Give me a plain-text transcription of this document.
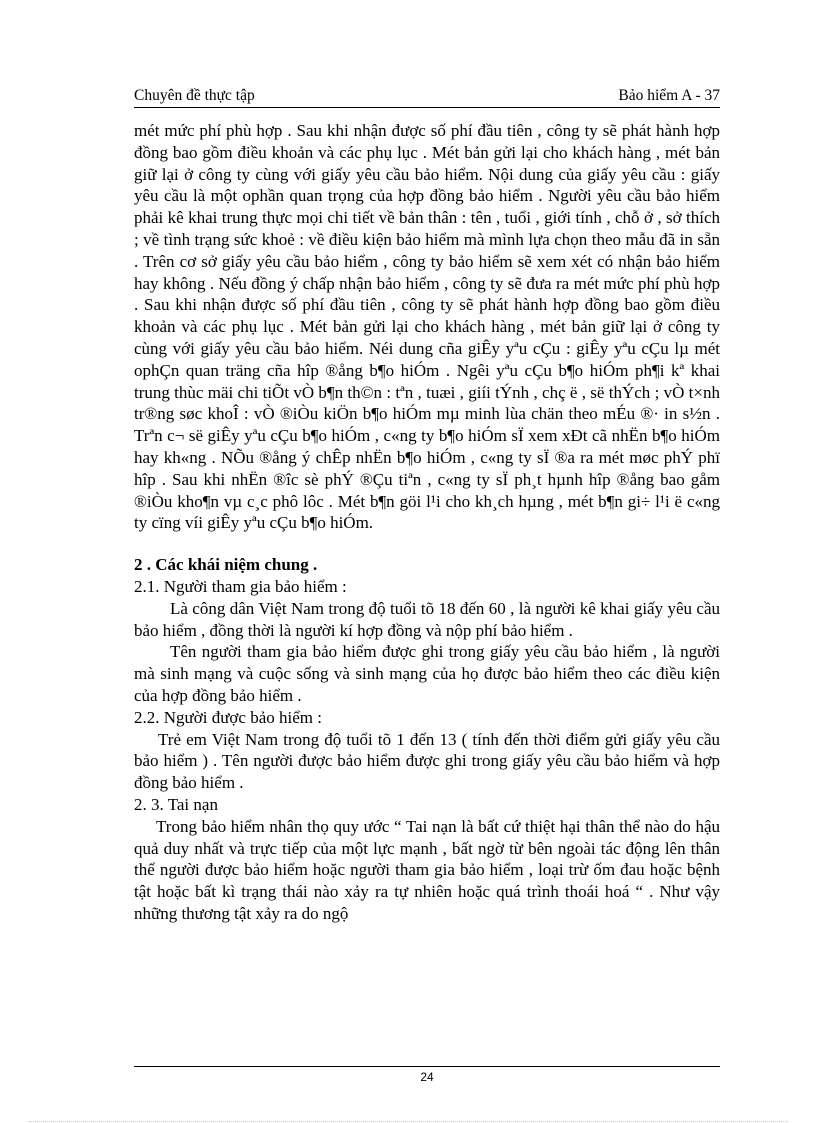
Chuyên đề thực tập	Bảo hiểm A - 37

mét mức phí phù hợp . Sau khi nhận được số phí đầu tiên , công ty sẽ phát hành hợp đồng bao gồm điều khoản và các phụ lục . Mét bản gửi lại cho khách hàng , mét bản giữ lại ở công ty cùng với giấy yêu cầu bảo hiểm. Nội dung của giấy yêu cầu : giấy yêu cầu là một ophần quan trọng của hợp đồng bảo hiểm . Người yêu cầu bảo hiểm phải kê khai trung thực mọi chi tiết về bản thân : tên , tuổi , giới tính , chỗ ở , sở thích ; về tình trạng sức khoẻ : về điều kiện bảo hiểm mà mình lựa chọn theo mẫu đã in sẵn . Trên cơ sở giấy yêu cầu bảo hiểm , công ty bảo hiểm sẽ xem xét có nhận bảo hiểm hay không . Nếu đồng ý chấp nhận bảo hiểm , công ty sẽ đưa ra mét mức phí phù hợp . Sau khi nhận được số phí đầu tiên , công ty sẽ phát hành hợp đồng bao gồm điều khoản và các phụ lục . Mét bản gửi lại cho khách hàng , mét bản giữ lại ở công ty cùng với giấy yêu cầu bảo hiểm. Néi dung cña giÊy yªu cÇu : giÊy yªu cÇu lµ mét ophÇn quan träng cña hîp ®ång b¶o hiÓm . Ngêi yªu cÇu b¶o hiÓm ph¶i kª khai trung thùc mäi chi tiÕt vÒ b¶n th©n : tªn , tuæi , giíi tÝnh , chç ë , së thÝch ; vÒ t×nh tr®ng søc khoÎ : vÒ ®iÒu kiÖn b¶o hiÓm mµ minh lùa chän theo mÉu ®· in s½n . Trªn c¬ së giÊy yªu cÇu b¶o hiÓm , c«ng ty b¶o hiÓm sÏ xem xÐt cã nhËn b¶o hiÓm hay kh«ng . NÕu ®ång ý chÊp nhËn b¶o hiÓm , c«ng ty sÏ ®a ra mét møc phÝ phï hîp . Sau khi nhËn ®îc sè phÝ ®Çu tiªn , c«ng ty sÏ ph¸t hµnh hîp ®ång bao gåm ®iÒu kho¶n vµ c¸c phô lôc . Mét b¶n göi l¹i cho kh¸ch hµng , mét b¶n gi÷ l¹i ë c«ng ty cïng víi giÊy yªu cÇu b¶o hiÓm.

2 . Các khái niệm chung .

2.1. Người tham gia bảo hiểm :

Là công dân Việt Nam trong độ tuổi tõ 18 đến 60 , là người kê khai giấy yêu cầu bảo hiểm , đồng thời là người kí hợp đồng và nộp phí bảo hiểm .

Tên người tham gia bảo hiểm được ghi trong giấy yêu cầu bảo hiểm , là người mà sinh mạng và cuộc sống và sinh mạng của họ được bảo hiểm theo các điều kiện của hợp đồng bảo hiểm .

2.2. Người được bảo hiểm :

Trẻ em Việt Nam trong độ tuổi tõ 1 đến 13 ( tính đến thời điểm gửi giấy yêu cầu bảo hiểm ) . Tên người được bảo hiểm được ghi trong giấy yêu cầu bảo hiểm và hợp đồng bảo hiểm .

2. 3. Tai nạn

Trong bảo hiểm nhân thọ quy ước “ Tai nạn là bất cứ thiệt hại thân thể nào do hậu quả duy nhất và trực tiếp của một lực mạnh , bất ngờ từ bên ngoài tác động lên thân thể người được bảo hiểm hoặc người tham gia bảo hiểm , loại trừ ốm đau hoặc bệnh tật hoặc bất kì trạng thái nào xảy ra tự nhiên hoặc quá trình thoái hoá “ . Như vậy những thương tật xảy ra do ngộ

24
